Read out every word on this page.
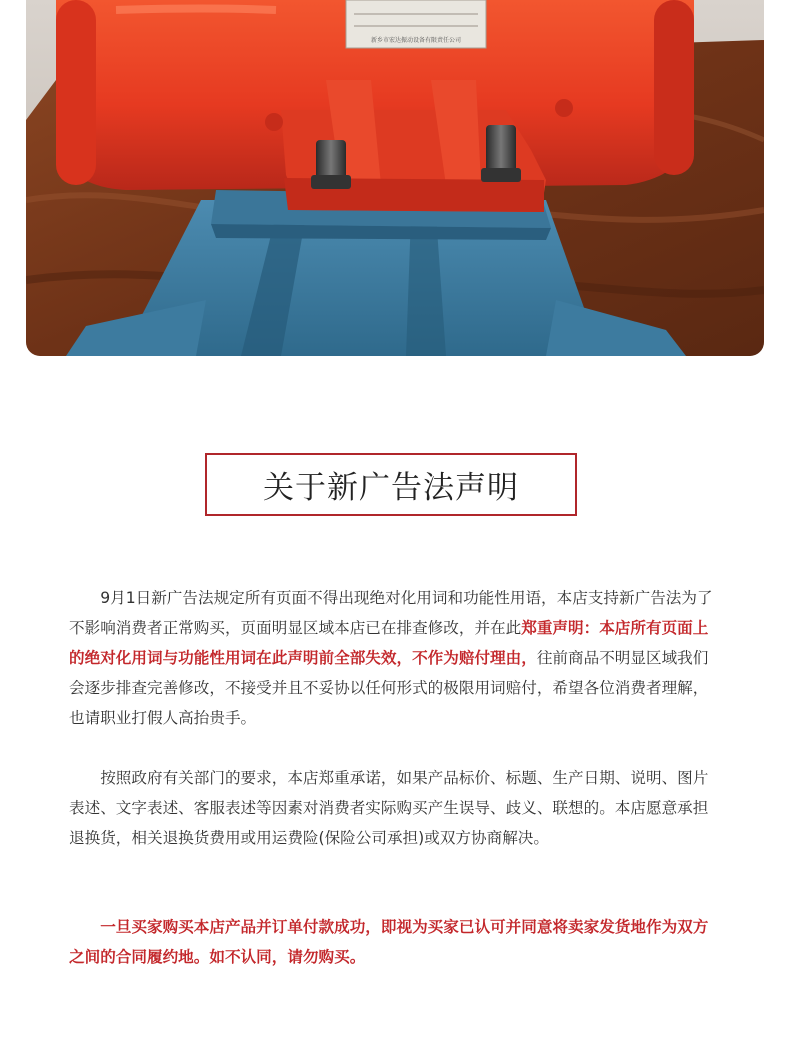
新乡市宏达振动设备有限责任公司
关于新广告法声明

9月1日新广告法规定所有页面不得出现绝对化用词和功能性用语，本店支持新广告法为了不影响消费者正常购买，页面明显区域本店已在排查修改，并在此郑重声明：本店所有页面上的绝对化用词与功能性用词在此声明前全部失效，不作为赔付理由，往前商品不明显区域我们会逐步排查完善修改，不接受并且不妥协以任何形式的极限用词赔付，希望各位消费者理解，也请职业打假人高抬贵手。

按照政府有关部门的要求，本店郑重承诺，如果产品标价、标题、生产日期、说明、图片表述、文字表述、客服表述等因素对消费者实际购买产生误导、歧义、联想的。本店愿意承担退换货，相关退换货费用或用运费险(保险公司承担)或双方协商解决。

一旦买家购买本店产品并订单付款成功，即视为买家已认可并同意将卖家发货地作为双方之间的合同履约地。如不认同，请勿购买。
